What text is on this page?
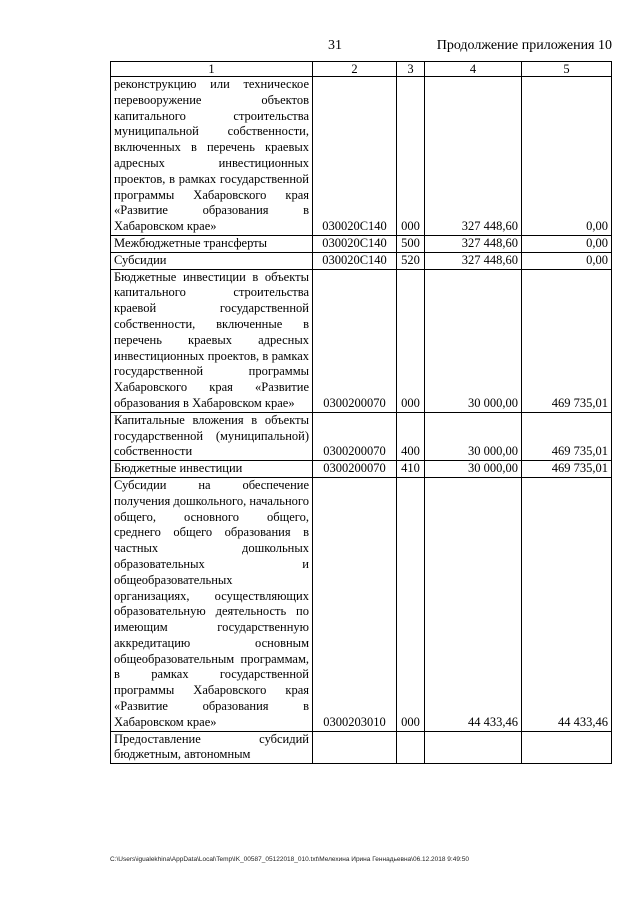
31	Продолжение приложения 10
1	2	3	4	5
реконструкцию или техническое перевооружение объектов капитального строительства муниципальной собственности, включенных в перечень краевых адресных инвестиционных проектов, в рамках государственной программы Хабаровского края «Развитие образования в Хабаровском крае»	030020C140	000	327 448,60	0,00
Межбюджетные трансферты	030020C140	500	327 448,60	0,00
Субсидии	030020C140	520	327 448,60	0,00
Бюджетные инвестиции в объекты капитального строительства краевой государственной собственности, включенные в перечень краевых адресных инвестиционных проектов, в рамках государственной программы Хабаровского края «Развитие образования в Хабаровском крае»	0300200070	000	30 000,00	469 735,01
Капитальные вложения в объекты государственной (муниципальной) собственности	0300200070	400	30 000,00	469 735,01
Бюджетные инвестиции	0300200070	410	30 000,00	469 735,01
Субсидии на обеспечение получения дошкольного, начального общего, основного общего, среднего общего образования в частных дошкольных образовательных и общеобразовательных организациях, осуществляющих образовательную деятельность по имеющим государственную аккредитацию основным общеобразовательным программам, в рамках государственной программы Хабаровского края «Развитие образования в Хабаровском крае»	0300203010	000	44 433,46	44 433,46
Предоставление субсидий бюджетным, автономным				
C:\Users\igualekhina\AppData\Local\Temp\IK_00587_05122018_010.txt\Мелехина Ирина Геннадьевна\06.12.2018 9:49:50
